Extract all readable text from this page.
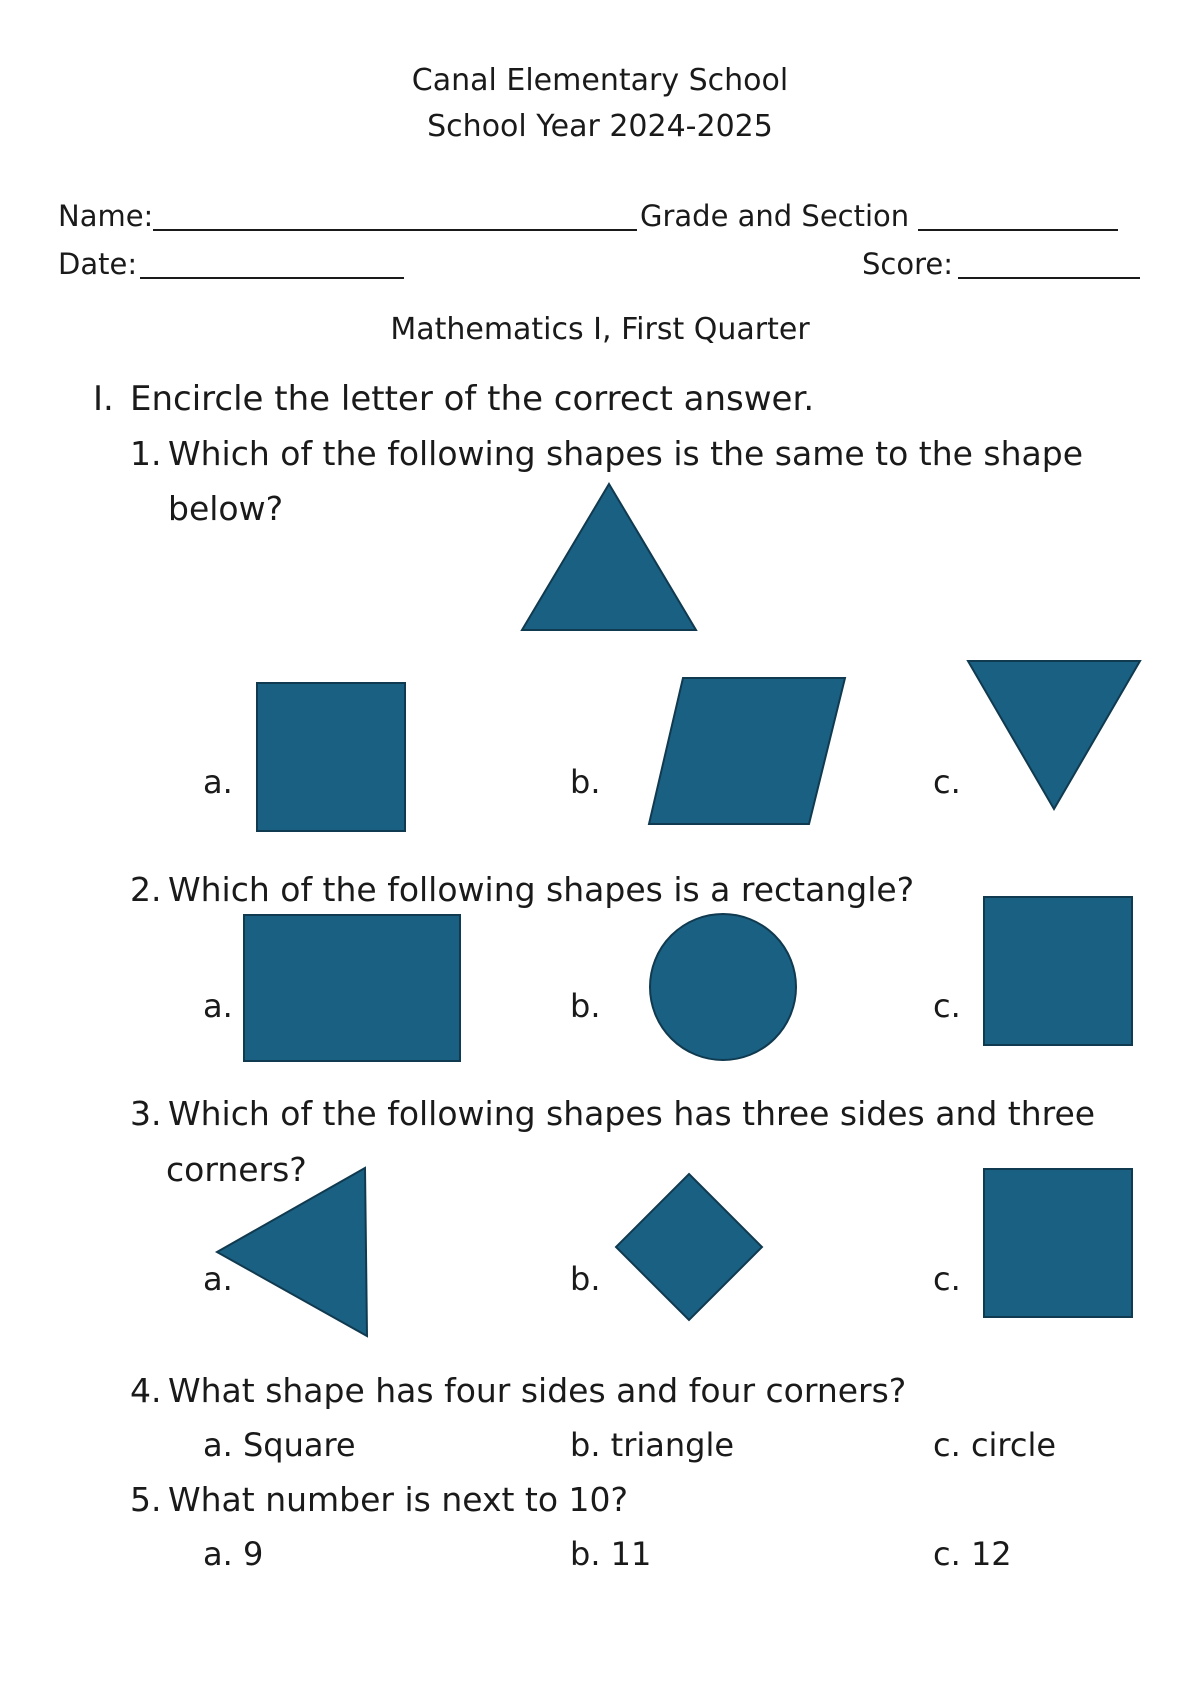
Canal Elementary School
School Year 2024-2025
Name:	Grade and Section
Date:	Score:
Mathematics I, First Quarter
I. Encircle the letter of the correct answer.
1. Which of the following shapes is the same to the shape
below?
a.	b.	c.
2. Which of the following shapes is a rectangle?
a.	b.	c.
3. Which of the following shapes has three sides and three
corners?
a.	b.	c.
4. What shape has four sides and four corners?
a. Square	b. triangle	c. circle
5. What number is next to 10?
a. 9	b. 11	c. 12
